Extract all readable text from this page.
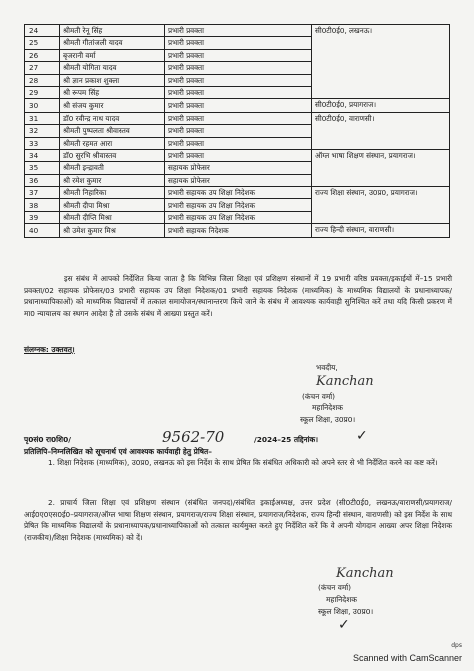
24	श्रीमती रेनू सिंह	प्रभारी प्रवक्ता	सी0टी0ई0, लखनऊ।
25	श्रीमती गीतांजली यादव	प्रभारी प्रवक्ता	
26	बृजरानी वर्मा	प्रभारी प्रवक्ता	
27	श्रीमती योगिता यादव	प्रभारी प्रवक्ता	
28	श्री ज्ञान प्रकाश शुक्ला	प्रभारी प्रवक्ता	
29	श्री रूपम सिंह	प्रभारी प्रवक्ता	
30	श्री संजय कुमार	प्रभारी प्रवक्ता	सी0टी0ई0, प्रयागराज।
31	डॉ0 रवीन्द्र नाथ यादव	प्रभारी प्रवक्ता	सी0टी0ई0, वाराणसी।
32	श्रीमती पुष्पलता श्रीवास्तव	प्रभारी प्रवक्ता	
33	श्रीमती रहमत आरा	प्रभारी प्रवक्ता	
34	डॉ0 सुरभि श्रीवास्तव	प्रभारी प्रवक्ता	ऑग्ल भाषा शिक्षण संस्थान, प्रयागराज।
35	श्रीमती इन्द्रावती	सहायक प्रोफेसर	
36	श्री रमेश कुमार	सहायक प्रोफेसर	
37	श्रीमती निहारिका	प्रभारी सहायक उप शिक्षा निदेशक	राज्य शिक्षा संस्थान, उ0प्र0, प्रयागराज।
38	श्रीमती दीपा मिश्रा	प्रभारी सहायक उप शिक्षा निदेशक	
39	श्रीमती दीप्ति मिश्रा	प्रभारी सहायक उप शिक्षा निदेशक	
40	श्री उमेश कुमार मिश्र	प्रभारी सहायक निदेशक	राज्य हिन्दी संस्थान, वाराणसी।

इस संबंध में आपको निर्देशित किया जाता है कि विभिन्न जिला शिक्षा एवं प्रशिक्षण संस्थानों में 19 प्रभारी वरिष्ठ प्रवक्ता/इकाईयों में–15 प्रभारी प्रवक्ता/02 सहायक प्रोफेसर/03 प्रभारी सहायक उप शिक्षा निदेशक/01 प्रभारी सहायक निदेशक (माध्यमिक) के माध्यमिक विद्यालयों के प्रधानाध्यापक/प्रधानाध्यापिकाओं) को माध्यमिक विद्यालयों में तत्काल समायोजन/स्थानान्तरण किये जाने के संबंध में आवश्यक कार्यवाही सुनिश्चित करें तथा यदि किसी प्रकरण में मा0 न्यायालय का स्थगन आदेश है तो उसके संबंध में आख्या प्रस्तुत करें।

संलग्नक: उक्तवत्।

भवदीय,

Kanchan

(कंचन वर्मा)

महानिदेशक

स्कूल शिक्षा, उ0प्र0।

पृ0सं0 रा0शि0/	9562-70	/2024–25 तद्दिनांक।	✓

प्रतिलिपि–निम्नलिखित को सूचनार्थ एवं आवश्यक कार्यवाही हेतु प्रेषित–

1. शिक्षा निदेशक (माध्यमिक), उ0प्र0, लखनऊ को इस निर्देश के साथ प्रेषित कि संबंधित अधिकारी को अपने स्तर से भी निर्देशित करने का कष्ट करें।

2. प्राचार्य जिला शिक्षा एवं प्रशिक्षण संस्थान (संबंधित जनपद)/संबंधित इकाईअध्यक्ष, उत्तर प्रदेश (सी0टी0ई0, लखनऊ/वाराणसी/प्रयागराज/आई0ए0एस0ई0–प्रयागराज/ऑग्ल भाषा शिक्षण संस्थान, प्रयागराज/राज्य शिक्षा संस्थान, प्रयागराज/निदेशक, राज्य हिन्दी संस्थान, वाराणसी) को इस निर्देश के साथ प्रेषित कि माध्यमिक विद्यालयों के प्रधानाध्यापक/प्रधानाध्यापिकाओं को तत्काल कार्यमुक्त करते हुए निर्देशित करें कि वे अपनी योगदान आख्या अपर शिक्षा निदेशक (राजकीय)/शिक्षा निदेशक (माध्यमिक) को दें।

Kanchan

(कंचन वर्मा)

महानिदेशक

स्कूल शिक्षा, उ0प्र0।

✓
dps
Scanned with CamScanner
